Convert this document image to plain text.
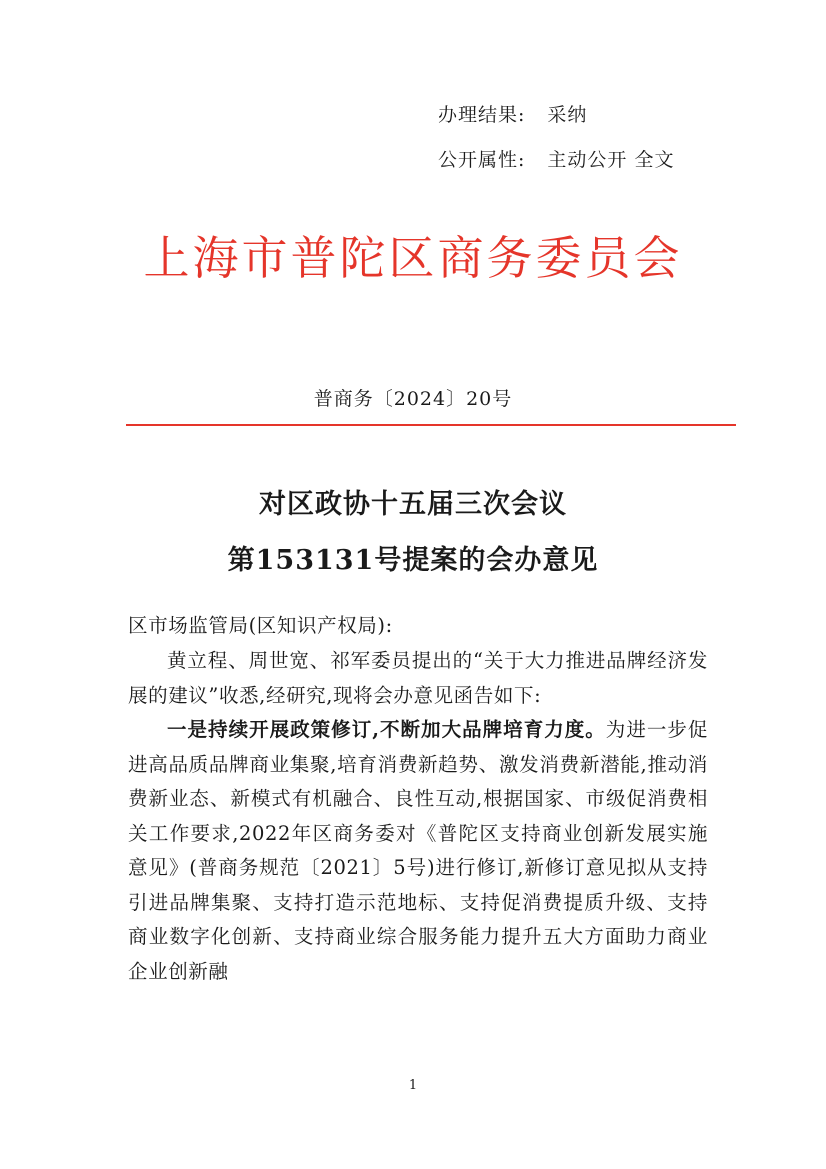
办理结果: 采纳
公开属性: 主动公开 全文
上海市普陀区商务委员会
普商务〔2024〕20号
对区政协十五届三次会议
第153131号提案的会办意见
区市场监管局(区知识产权局):
黄立程、周世宽、祁军委员提出的“关于大力推进品牌经济发展的建议”收悉,经研究,现将会办意见函告如下:
一是持续开展政策修订,不断加大品牌培育力度。为进一步促进高品质品牌商业集聚,培育消费新趋势、激发消费新潜能,推动消费新业态、新模式有机融合、良性互动,根据国家、市级促消费相关工作要求,2022年区商务委对《普陀区支持商业创新发展实施意见》(普商务规范〔2021〕5号)进行修订,新修订意见拟从支持引进品牌集聚、支持打造示范地标、支持促消费提质升级、支持商业数字化创新、支持商业综合服务能力提升五大方面助力商业企业创新融
1
